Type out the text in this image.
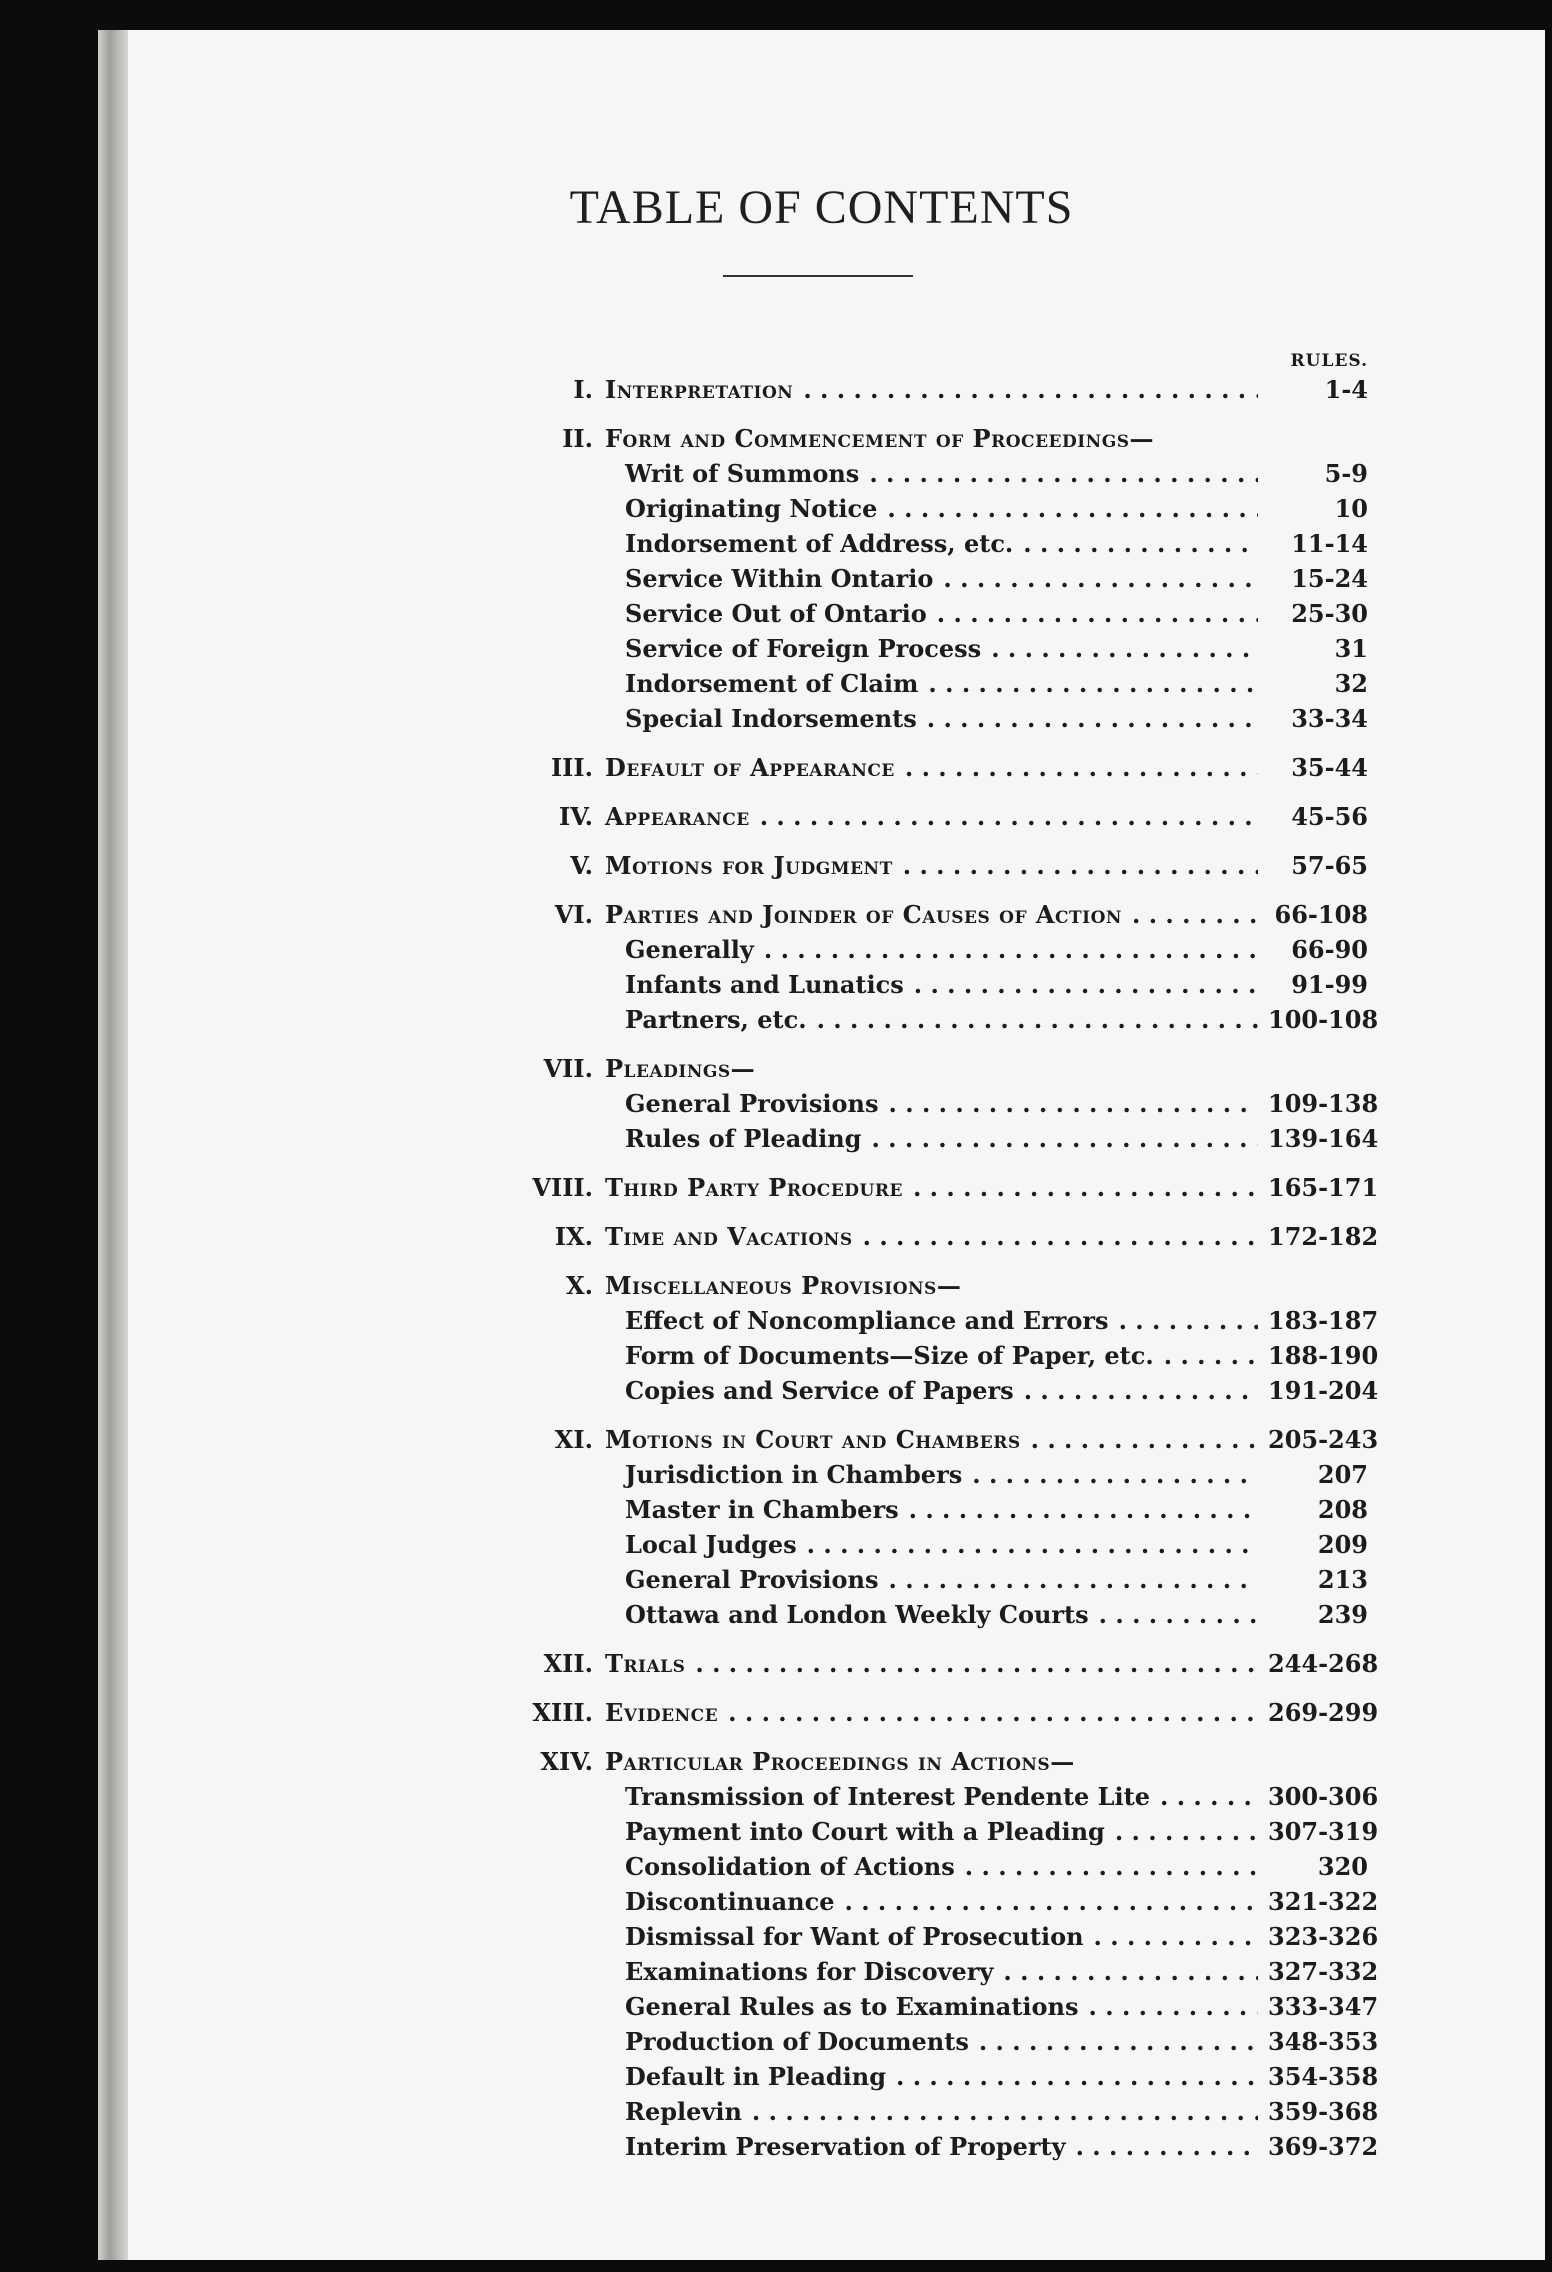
TABLE OF CONTENTS
RULES.
I. Interpretation . . .	1-4
II. Form and Commencement of Proceedings—
Writ of Summons . . .	5-9
Originating Notice . . .	10
Indorsement of Address, etc. . . .	11-14
Service Within Ontario . . .	15-24
Service Out of Ontario . . .	25-30
Service of Foreign Process . . .	31
Indorsement of Claim . . .	32
Special Indorsements . . .	33-34
III. Default of Appearance . . .	35-44
IV. Appearance . . .	45-56
V. Motions for Judgment . . .	57-65
VI. Parties and Joinder of Causes of Action . . .	66-108
Generally . . .	66-90
Infants and Lunatics . . .	91-99
Partners, etc. . . .	100-108
VII. Pleadings—
General Provisions . . .	109-138
Rules of Pleading . . .	139-164
VIII. Third Party Procedure . . .	165-171
IX. Time and Vacations . . .	172-182
X. Miscellaneous Provisions—
Effect of Noncompliance and Errors . . .	183-187
Form of Documents—Size of Paper, etc. . . .	188-190
Copies and Service of Papers . . .	191-204
XI. Motions in Court and Chambers . . .	205-243
Jurisdiction in Chambers . . .	207
Master in Chambers . . .	208
Local Judges . . .	209
General Provisions . . .	213
Ottawa and London Weekly Courts . . .	239
XII. Trials . . .	244-268
XIII. Evidence . . .	269-299
XIV. Particular Proceedings in Actions—
Transmission of Interest Pendente Lite . . .	300-306
Payment into Court with a Pleading . . .	307-319
Consolidation of Actions . . .	320
Discontinuance . . .	321-322
Dismissal for Want of Prosecution . . .	323-326
Examinations for Discovery . . .	327-332
General Rules as to Examinations . . .	333-347
Production of Documents . . .	348-353
Default in Pleading . . .	354-358
Replevin . . .	359-368
Interim Preservation of Property . . .	369-372
